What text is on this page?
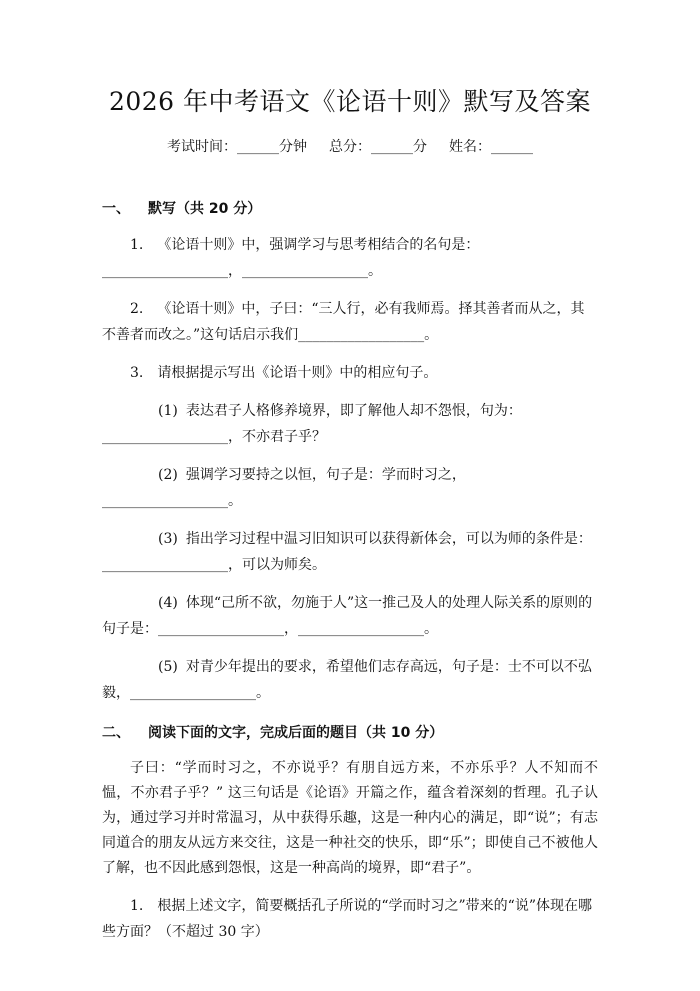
2026 年中考语文《论语十则》默写及答案
考试时间： ______ 分钟 总分： ______ 分 姓名： ______
一、 默写（共 20 分）
1. 《论语十则》中，强调学习与思考相结合的名句是：__________________，__________________。
2. 《论语十则》中，子曰：“三人行，必有我师焉。择其善者而从之，其不善者而改之。”这句话启示我们__________________。
3. 请根据提示写出《论语十则》中的相应句子。
(1) 表达君子人格修养境界，即了解他人却不怨恨，句为：__________________，不亦君子乎？
(2) 强调学习要持之以恒，句子是：学而时习之，__________________。
(3) 指出学习过程中温习旧知识可以获得新体会，可以为师的条件是：__________________，可以为师矣。
(4) 体现“己所不欲，勿施于人”这一推己及人的处理人际关系的原则的句子是：__________________，__________________。
(5) 对青少年提出的要求，希望他们志存高远，句子是：士不可以不弘毅，__________________。
二、 阅读下面的文字，完成后面的题目（共 10 分）
子曰：“学而时习之，不亦说乎？有朋自远方来，不亦乐乎？人不知而不愠，不亦君子乎？” 这三句话是《论语》开篇之作，蕴含着深刻的哲理。孔子认为，通过学习并时常温习，从中获得乐趣，这是一种内心的满足，即“说”；有志同道合的朋友从远方来交往，这是一种社交的快乐，即“乐”；即使自己不被他人了解，也不因此感到怨恨，这是一种高尚的境界，即“君子”。
1. 根据上述文字，简要概括孔子所说的“学而时习之”带来的“说”体现在哪些方面？（不超过 30 字）
